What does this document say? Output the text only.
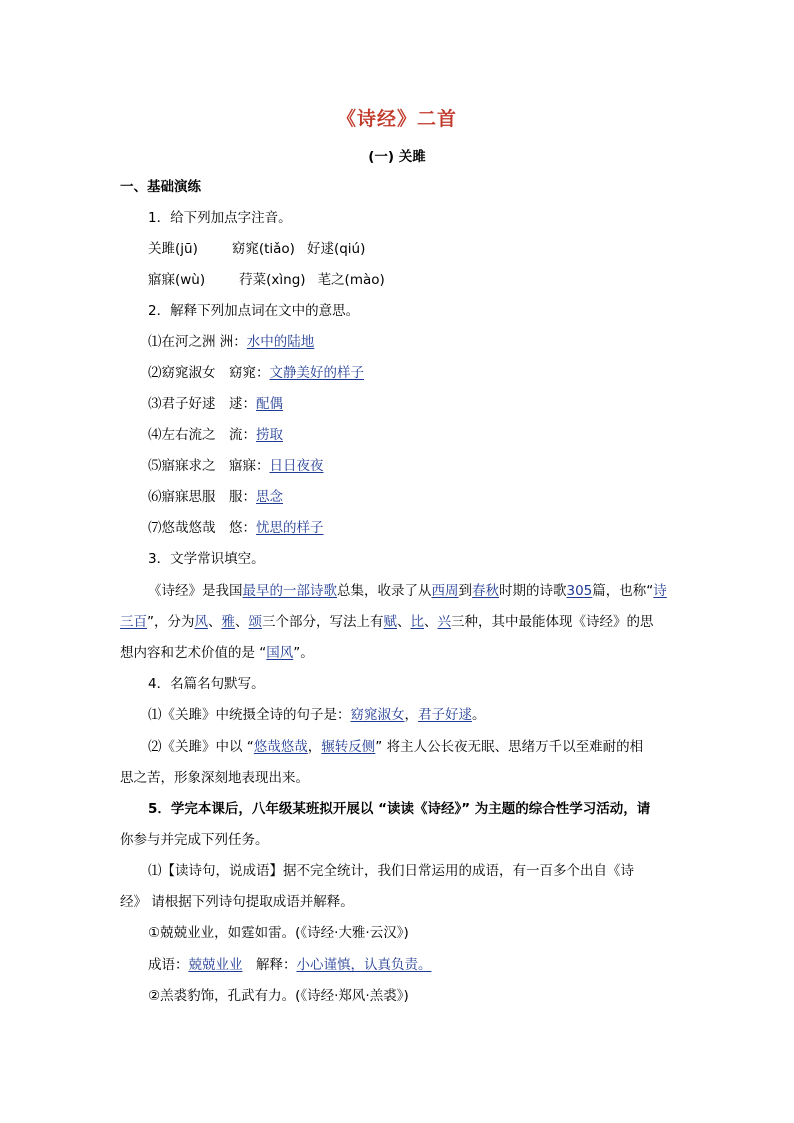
《诗经》二首
(一) 关雎
一、基础演练
1．给下列加点字注音。
关雎(jū)	窈窕(tiǎo) 好逑(qiú)
寤寐(wù)	荇菜(xìng) 芼之(mào)
2．解释下列加点词在文中的意思。
⑴在河之洲 洲：水中的陆地
⑵窈窕淑女　窈窕：文静美好的样子
⑶君子好逑　逑：配偶
⑷左右流之　流：捞取
⑸寤寐求之　寤寐：日日夜夜
⑹寤寐思服　服：思念
⑺悠哉悠哉　悠：忧思的样子
3．文学常识填空。
《诗经》是我国最早的一部诗歌总集，收录了从西周到春秋时期的诗歌305篇，也称“诗
三百”，分为风、雅、颂三个部分，写法上有赋、比、兴三种，其中最能体现《诗经》的思
想内容和艺术价值的是 “国风”。
4．名篇名句默写。
⑴《关雎》中统摄全诗的句子是：窈窕淑女，君子好逑。
⑵《关雎》中以 “悠哉悠哉，辗转反侧” 将主人公长夜无眠、思绪万千以至难耐的相
思之苦，形象深刻地表现出来。
5．学完本课后，八年级某班拟开展以 “读读《诗经》” 为主题的综合性学习活动，请
你参与并完成下列任务。
⑴【读诗句，说成语】据不完全统计，我们日常运用的成语，有一百多个出自《诗
经》 请根据下列诗句提取成语并解释。
①兢兢业业，如霆如雷。(《诗经·大雅·云汉》)
成语：兢兢业业　解释：小心谨慎，认真负责。
②羔裘豹饰，孔武有力。(《诗经·郑风·羔裘》)
